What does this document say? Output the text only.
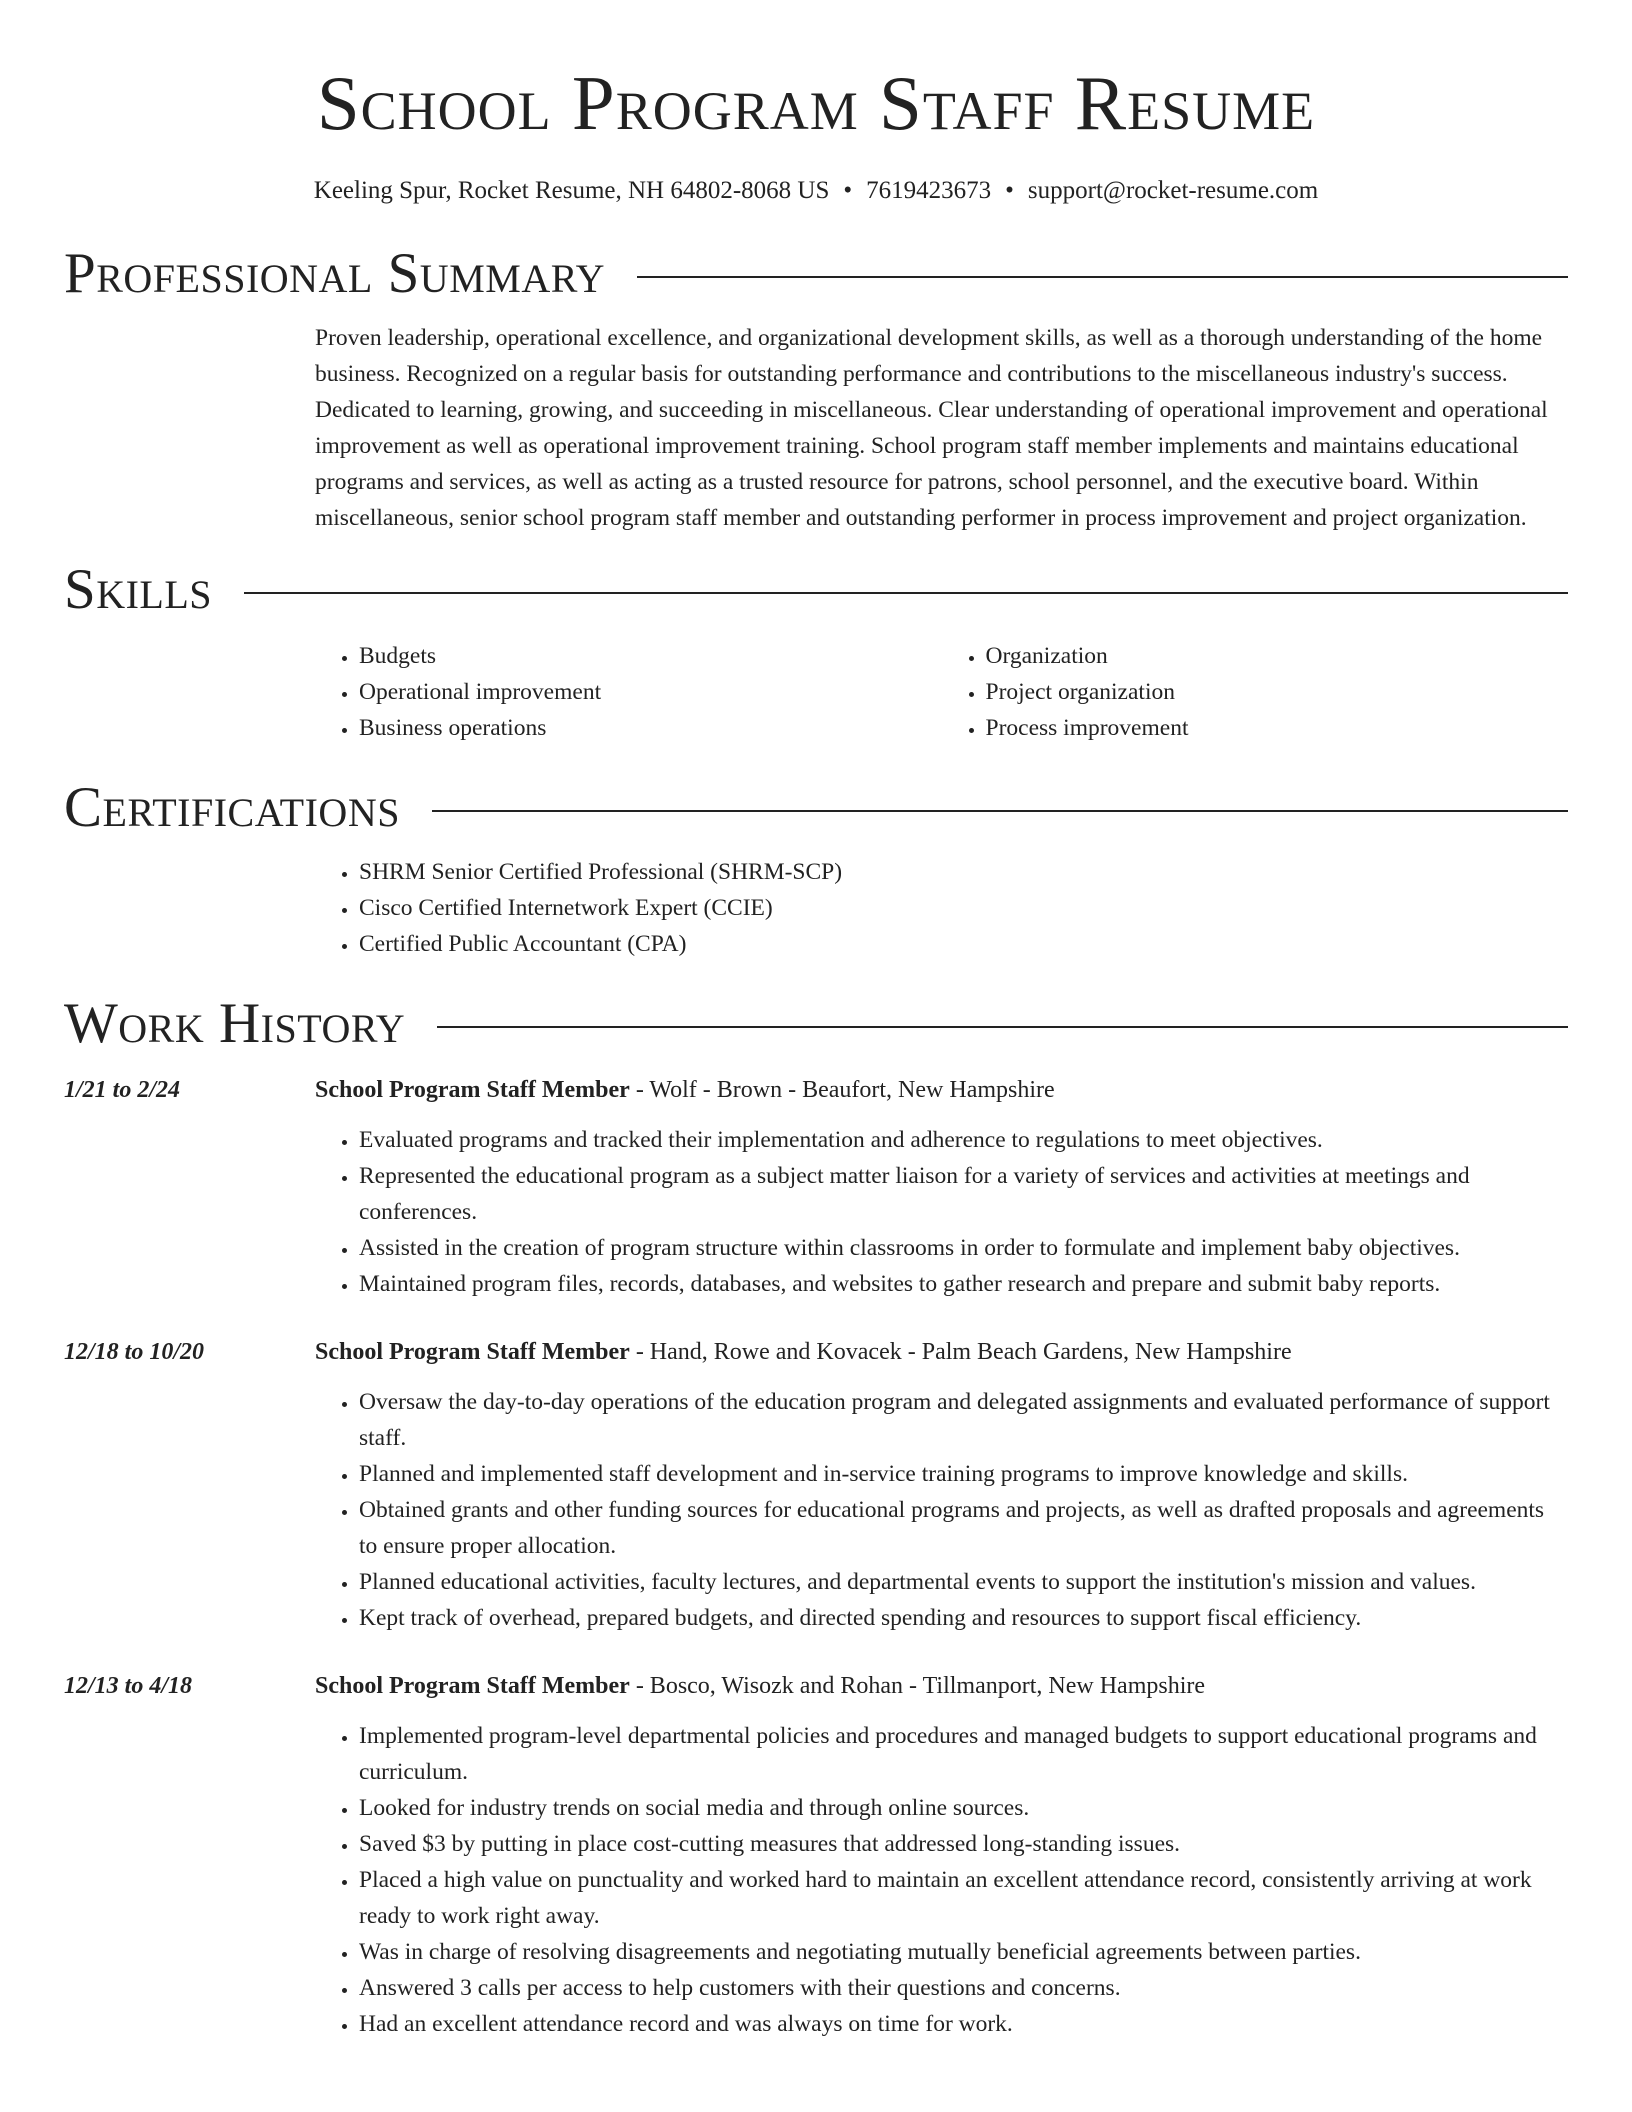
School Program Staff Resume
Keeling Spur, Rocket Resume, NH 64802-8068 US • 7619423673 • support@rocket-resume.com
Professional Summary

Proven leadership, operational excellence, and organizational development skills, as well as a thorough understanding of the home business. Recognized on a regular basis for outstanding performance and contributions to the miscellaneous industry's success. Dedicated to learning, growing, and succeeding in miscellaneous. Clear understanding of operational improvement and operational improvement as well as operational improvement training. School program staff member implements and maintains educational programs and services, as well as acting as a trusted resource for patrons, school personnel, and the executive board. Within miscellaneous, senior school program staff member and outstanding performer in process improvement and project organization.

Skills
• Budgets
• Operational improvement
• Business operations
• Organization
• Project organization
• Process improvement
Certifications
• SHRM Senior Certified Professional (SHRM-SCP)
• Cisco Certified Internetwork Expert (CCIE)
• Certified Public Accountant (CPA)
Work History
1/21 to 2/24	School Program Staff Member - Wolf - Brown - Beaufort, New Hampshire
• Evaluated programs and tracked their implementation and adherence to regulations to meet objectives.
• Represented the educational program as a subject matter liaison for a variety of services and activities at meetings and conferences.
• Assisted in the creation of program structure within classrooms in order to formulate and implement baby objectives.
• Maintained program files, records, databases, and websites to gather research and prepare and submit baby reports.
12/18 to 10/20	School Program Staff Member - Hand, Rowe and Kovacek - Palm Beach Gardens, New Hampshire
• Oversaw the day-to-day operations of the education program and delegated assignments and evaluated performance of support staff.
• Planned and implemented staff development and in-service training programs to improve knowledge and skills.
• Obtained grants and other funding sources for educational programs and projects, as well as drafted proposals and agreements to ensure proper allocation.
• Planned educational activities, faculty lectures, and departmental events to support the institution's mission and values.
• Kept track of overhead, prepared budgets, and directed spending and resources to support fiscal efficiency.
12/13 to 4/18	School Program Staff Member - Bosco, Wisozk and Rohan - Tillmanport, New Hampshire
• Implemented program-level departmental policies and procedures and managed budgets to support educational programs and curriculum.
• Looked for industry trends on social media and through online sources.
• Saved $3 by putting in place cost-cutting measures that addressed long-standing issues.
• Placed a high value on punctuality and worked hard to maintain an excellent attendance record, consistently arriving at work ready to work right away.
• Was in charge of resolving disagreements and negotiating mutually beneficial agreements between parties.
• Answered 3 calls per access to help customers with their questions and concerns.
• Had an excellent attendance record and was always on time for work.
